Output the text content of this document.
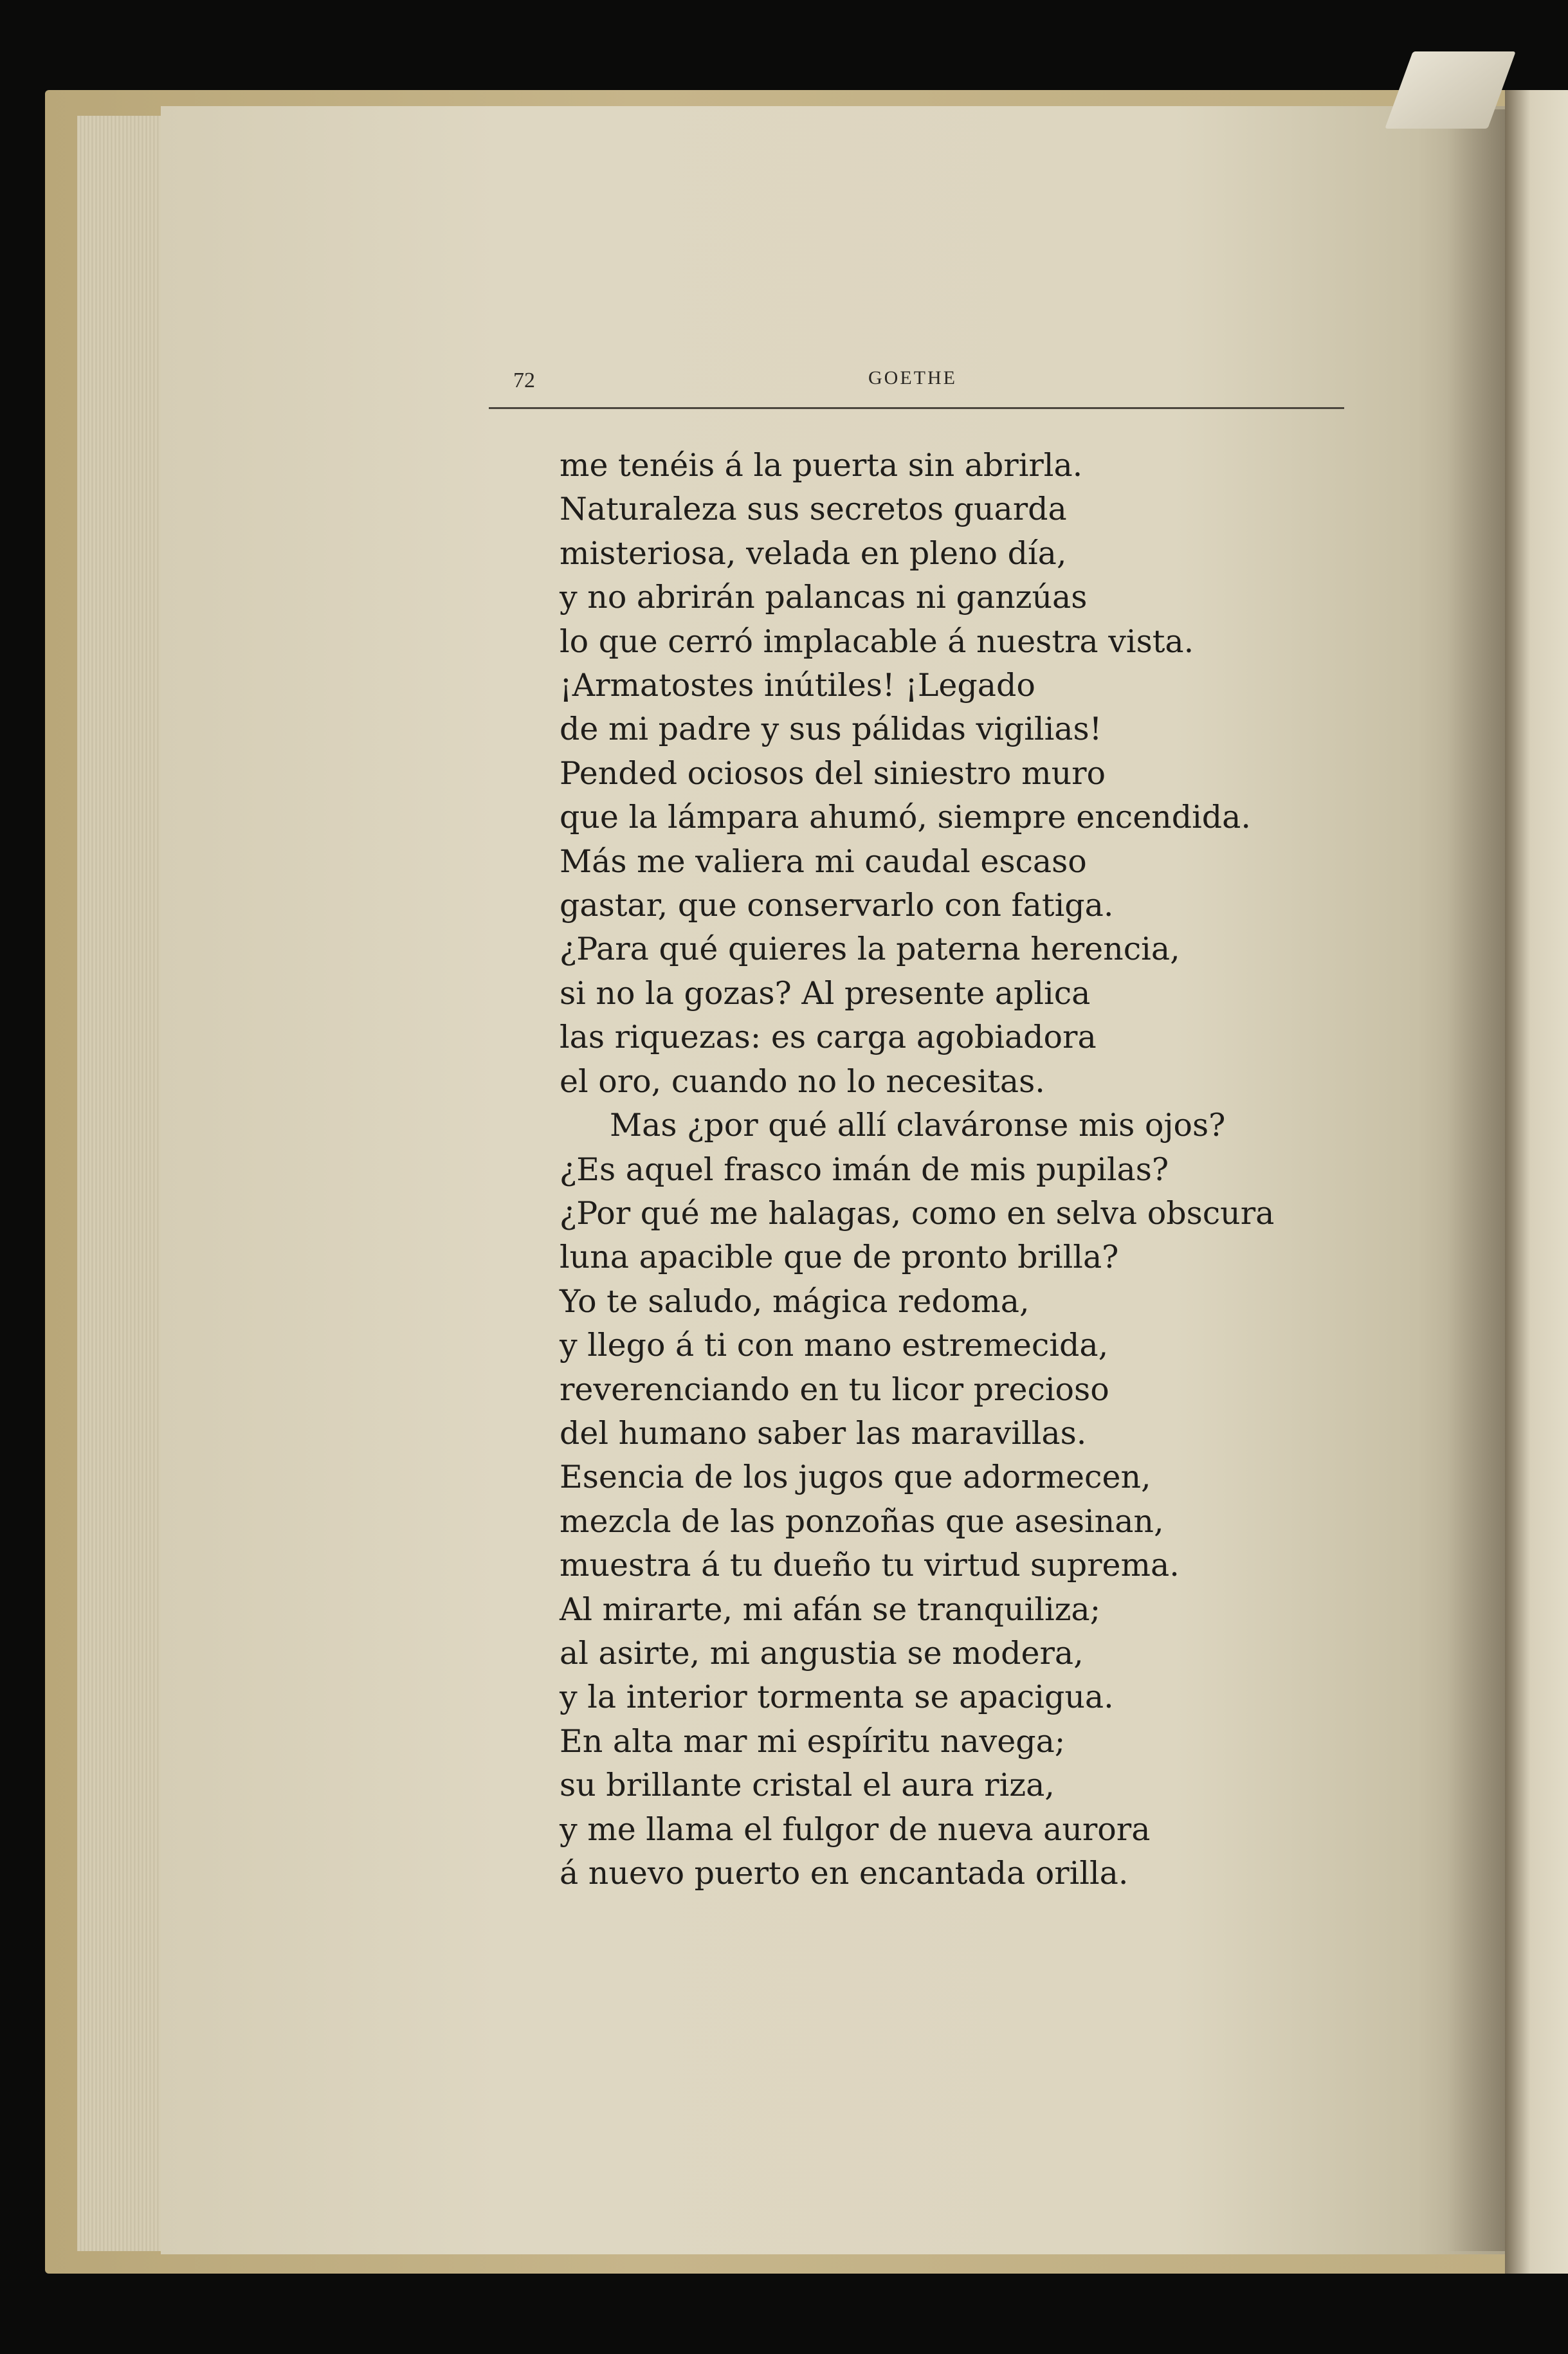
72	GOETHE
me tenéis á la puerta sin abrirla.
Naturaleza sus secretos guarda
misteriosa, velada en pleno día,
y no abrirán palancas ni ganzúas
lo que cerró implacable á nuestra vista.
¡Armatostes inútiles! ¡Legado
de mi padre y sus pálidas vigilias!
Pended ociosos del siniestro muro
que la lámpara ahumó, siempre encendida.
Más me valiera mi caudal escaso
gastar, que conservarlo con fatiga.
¿Para qué quieres la paterna herencia,
si no la gozas? Al presente aplica
las riquezas: es carga agobiadora
el oro, cuando no lo necesitas.
Mas ¿por qué allí claváronse mis ojos?
¿Es aquel frasco imán de mis pupilas?
¿Por qué me halagas, como en selva obscura
luna apacible que de pronto brilla?
Yo te saludo, mágica redoma,
y llego á ti con mano estremecida,
reverenciando en tu licor precioso
del humano saber las maravillas.
Esencia de los jugos que adormecen,
mezcla de las ponzoñas que asesinan,
muestra á tu dueño tu virtud suprema.
Al mirarte, mi afán se tranquiliza;
al asirte, mi angustia se modera,
y la interior tormenta se apacigua.
En alta mar mi espíritu navega;
su brillante cristal el aura riza,
y me llama el fulgor de nueva aurora
á nuevo puerto en encantada orilla.
